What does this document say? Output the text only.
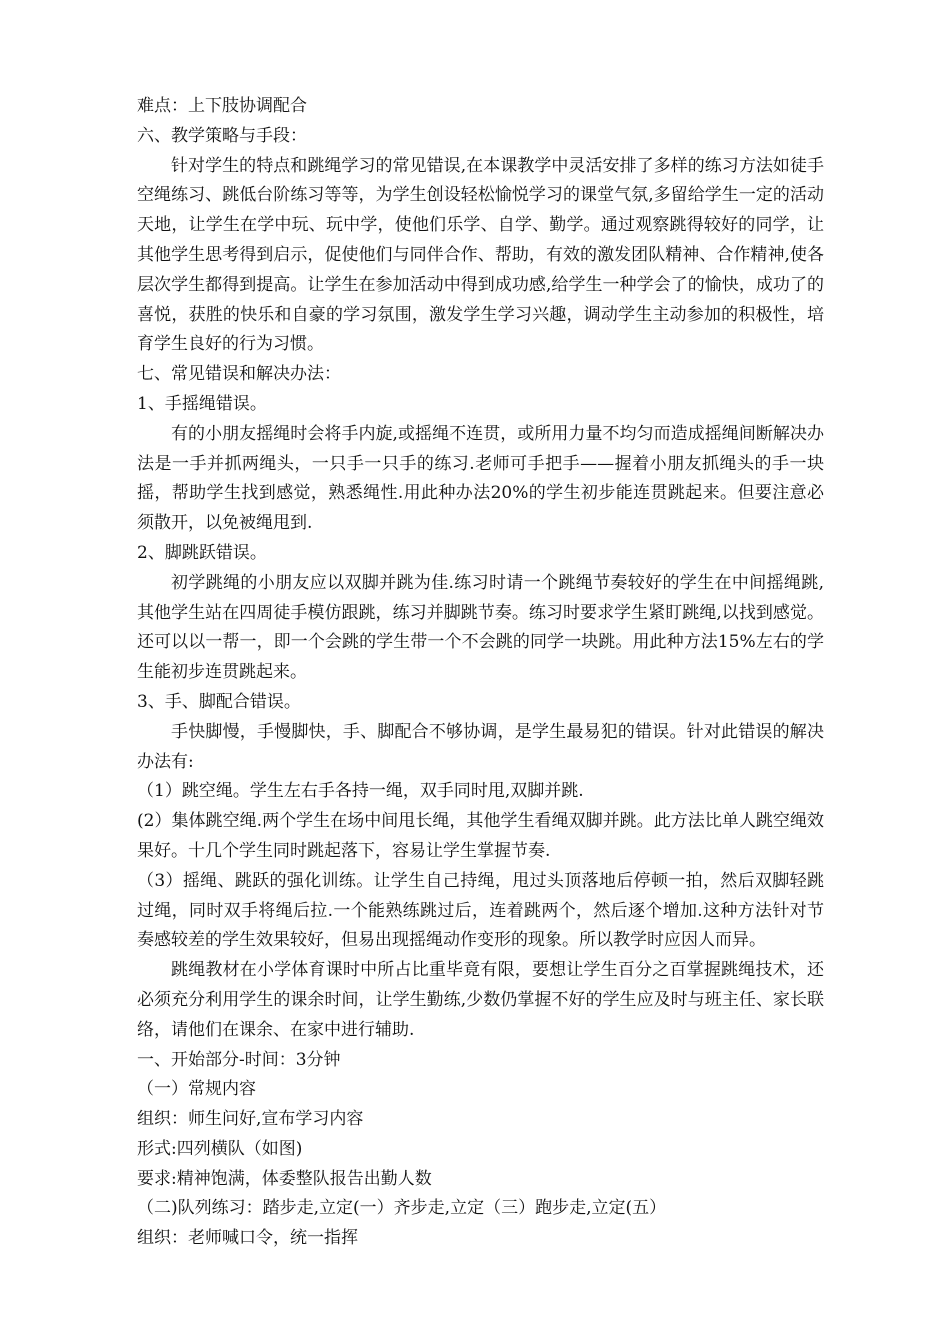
难点：上下肢协调配合

六、教学策略与手段：

针对学生的特点和跳绳学习的常见错误,在本课教学中灵活安排了多样的练习方法如徒手空绳练习、跳低台阶练习等等，为学生创设轻松愉悦学习的课堂气氛,多留给学生一定的活动天地，让学生在学中玩、玩中学，使他们乐学、自学、勤学。通过观察跳得较好的同学，让其他学生思考得到启示，促使他们与同伴合作、帮助，有效的激发团队精神、合作精神,使各层次学生都得到提高。让学生在参加活动中得到成功感,给学生一种学会了的愉快，成功了的喜悦，获胜的快乐和自豪的学习氛围，激发学生学习兴趣，调动学生主动参加的积极性，培育学生良好的行为习惯。

七、常见错误和解决办法：

1、手摇绳错误。

有的小朋友摇绳时会将手内旋,或摇绳不连贯，或所用力量不均匀而造成摇绳间断解决办法是一手并抓两绳头，一只手一只手的练习.老师可手把手——握着小朋友抓绳头的手一块摇，帮助学生找到感觉，熟悉绳性.用此种办法20%的学生初步能连贯跳起来。但要注意必须散开，以免被绳甩到.

2、脚跳跃错误。

初学跳绳的小朋友应以双脚并跳为佳.练习时请一个跳绳节奏较好的学生在中间摇绳跳,其他学生站在四周徒手模仿跟跳，练习并脚跳节奏。练习时要求学生紧盯跳绳,以找到感觉。还可以以一帮一，即一个会跳的学生带一个不会跳的同学一块跳。用此种方法15%左右的学生能初步连贯跳起来。

3、手、脚配合错误。

手快脚慢，手慢脚快，手、脚配合不够协调，是学生最易犯的错误。针对此错误的解决办法有:

（1）跳空绳。学生左右手各持一绳，双手同时甩,双脚并跳.

(2）集体跳空绳.两个学生在场中间甩长绳，其他学生看绳双脚并跳。此方法比单人跳空绳效果好。十几个学生同时跳起落下，容易让学生掌握节奏.

（3）摇绳、跳跃的强化训练。让学生自己持绳，甩过头顶落地后停顿一拍，然后双脚轻跳过绳，同时双手将绳后拉.一个能熟练跳过后，连着跳两个，然后逐个增加.这种方法针对节奏感较差的学生效果较好，但易出现摇绳动作变形的现象。所以教学时应因人而异。

跳绳教材在小学体育课时中所占比重毕竟有限，要想让学生百分之百掌握跳绳技术，还必须充分利用学生的课余时间，让学生勤练,少数仍掌握不好的学生应及时与班主任、家长联络，请他们在课余、在家中进行辅助.

一、开始部分-时间：3分钟

（一）常规内容

组织：师生问好,宣布学习内容

形式:四列横队（如图)

要求:精神饱满，体委整队报告出勤人数

（二)队列练习：踏步走,立定(一）齐步走,立定（三）跑步走,立定(五）

组织：老师喊口令，统一指挥
